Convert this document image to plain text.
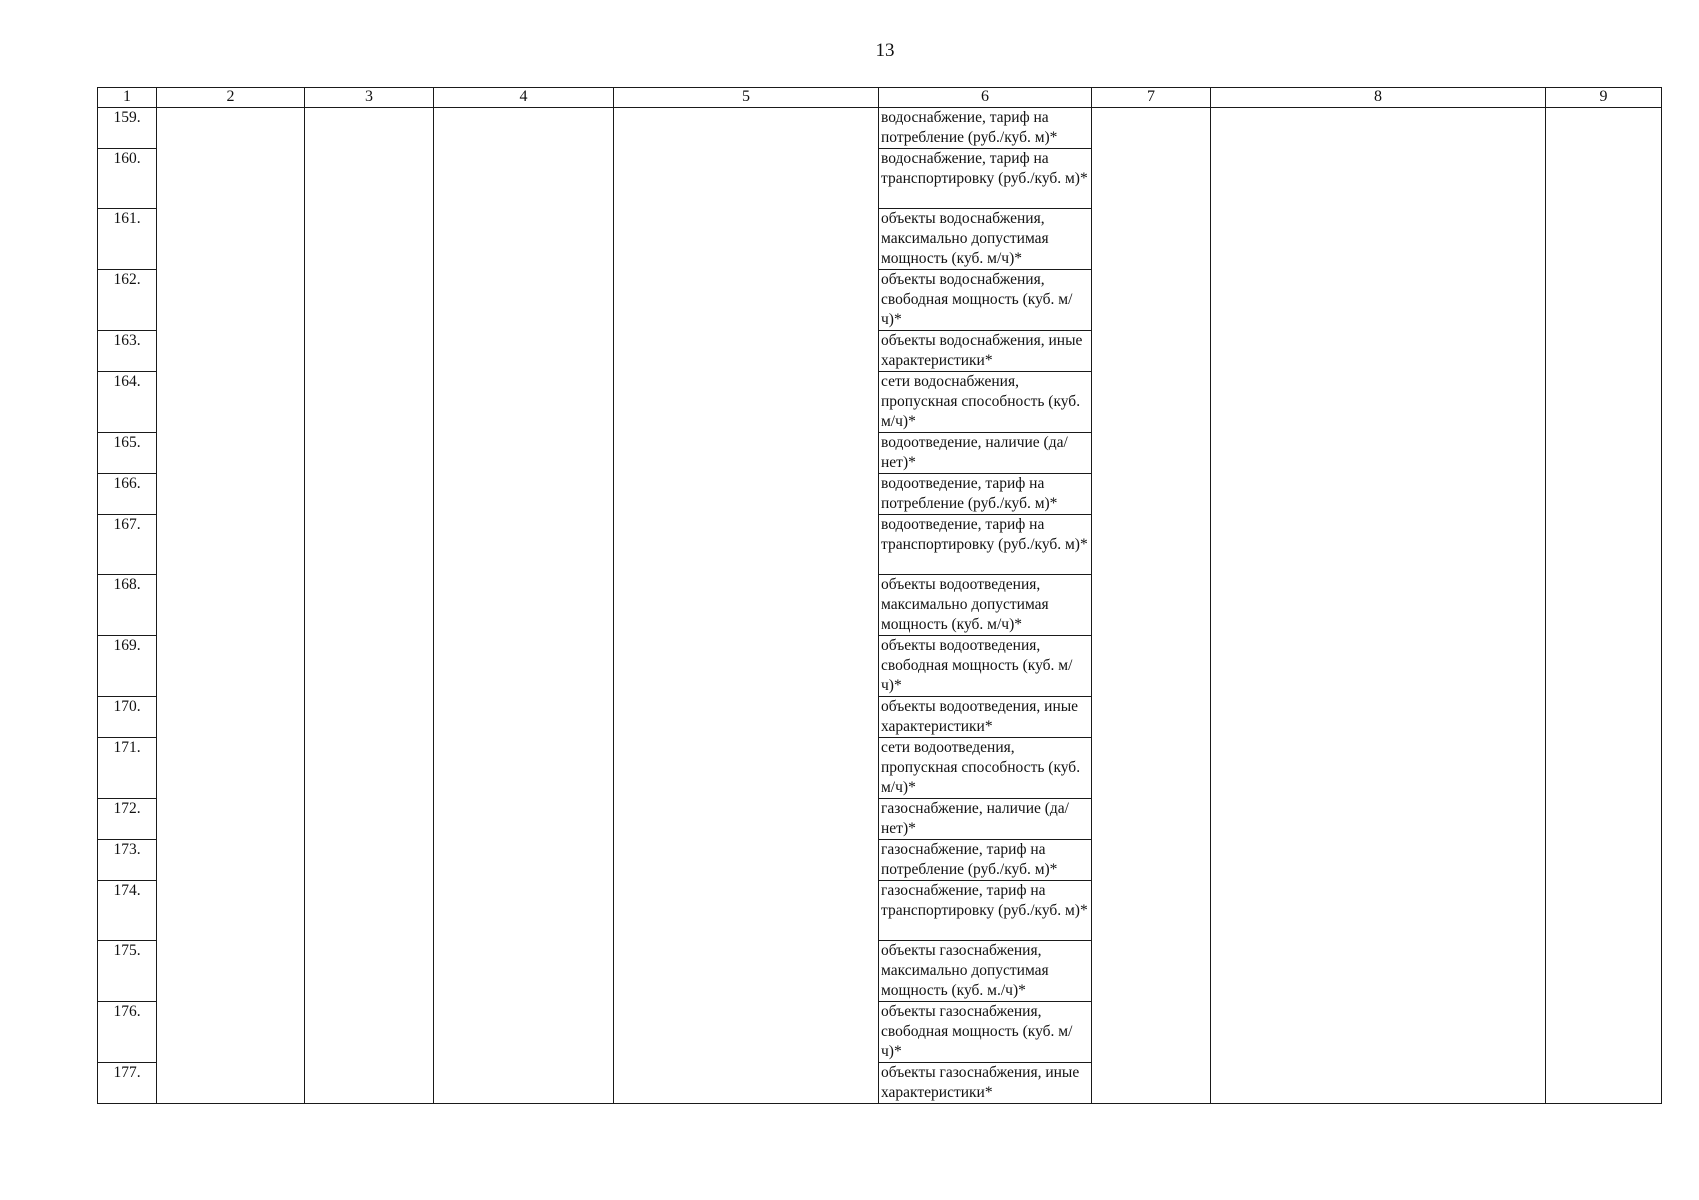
13
1	2	3	4	5	6	7	8	9
159.					водоснабжение, тариф на потребление (руб./куб. м)*			
160.					водоснабжение, тариф на транспортировку (руб./куб. м)*			
161.					объекты водоснабжения, максимально допустимая мощность (куб. м/ч)*			
162.					объекты водоснабжения, свободная мощность (куб. м/ч)*			
163.					объекты водоснабжения, иные характеристики*			
164.					сети водоснабжения, пропускная способность (куб. м/ч)*			
165.					водоотведение, наличие (да/нет)*			
166.					водоотведение, тариф на потребление (руб./куб. м)*			
167.					водоотведение, тариф на транспортировку (руб./куб. м)*			
168.					объекты водоотведения, максимально допустимая мощность (куб. м/ч)*			
169.					объекты водоотведения, свободная мощность (куб. м/ч)*			
170.					объекты водоотведения, иные характеристики*			
171.					сети водоотведения, пропускная способность (куб. м/ч)*			
172.					газоснабжение, наличие (да/нет)*			
173.					газоснабжение, тариф на потребление (руб./куб. м)*			
174.					газоснабжение, тариф на транспортировку (руб./куб. м)*			
175.					объекты газоснабжения, максимально допустимая мощность (куб. м./ч)*			
176.					объекты газоснабжения, свободная мощность (куб. м/ч)*			
177.					объекты газоснабжения, иные характеристики*			
